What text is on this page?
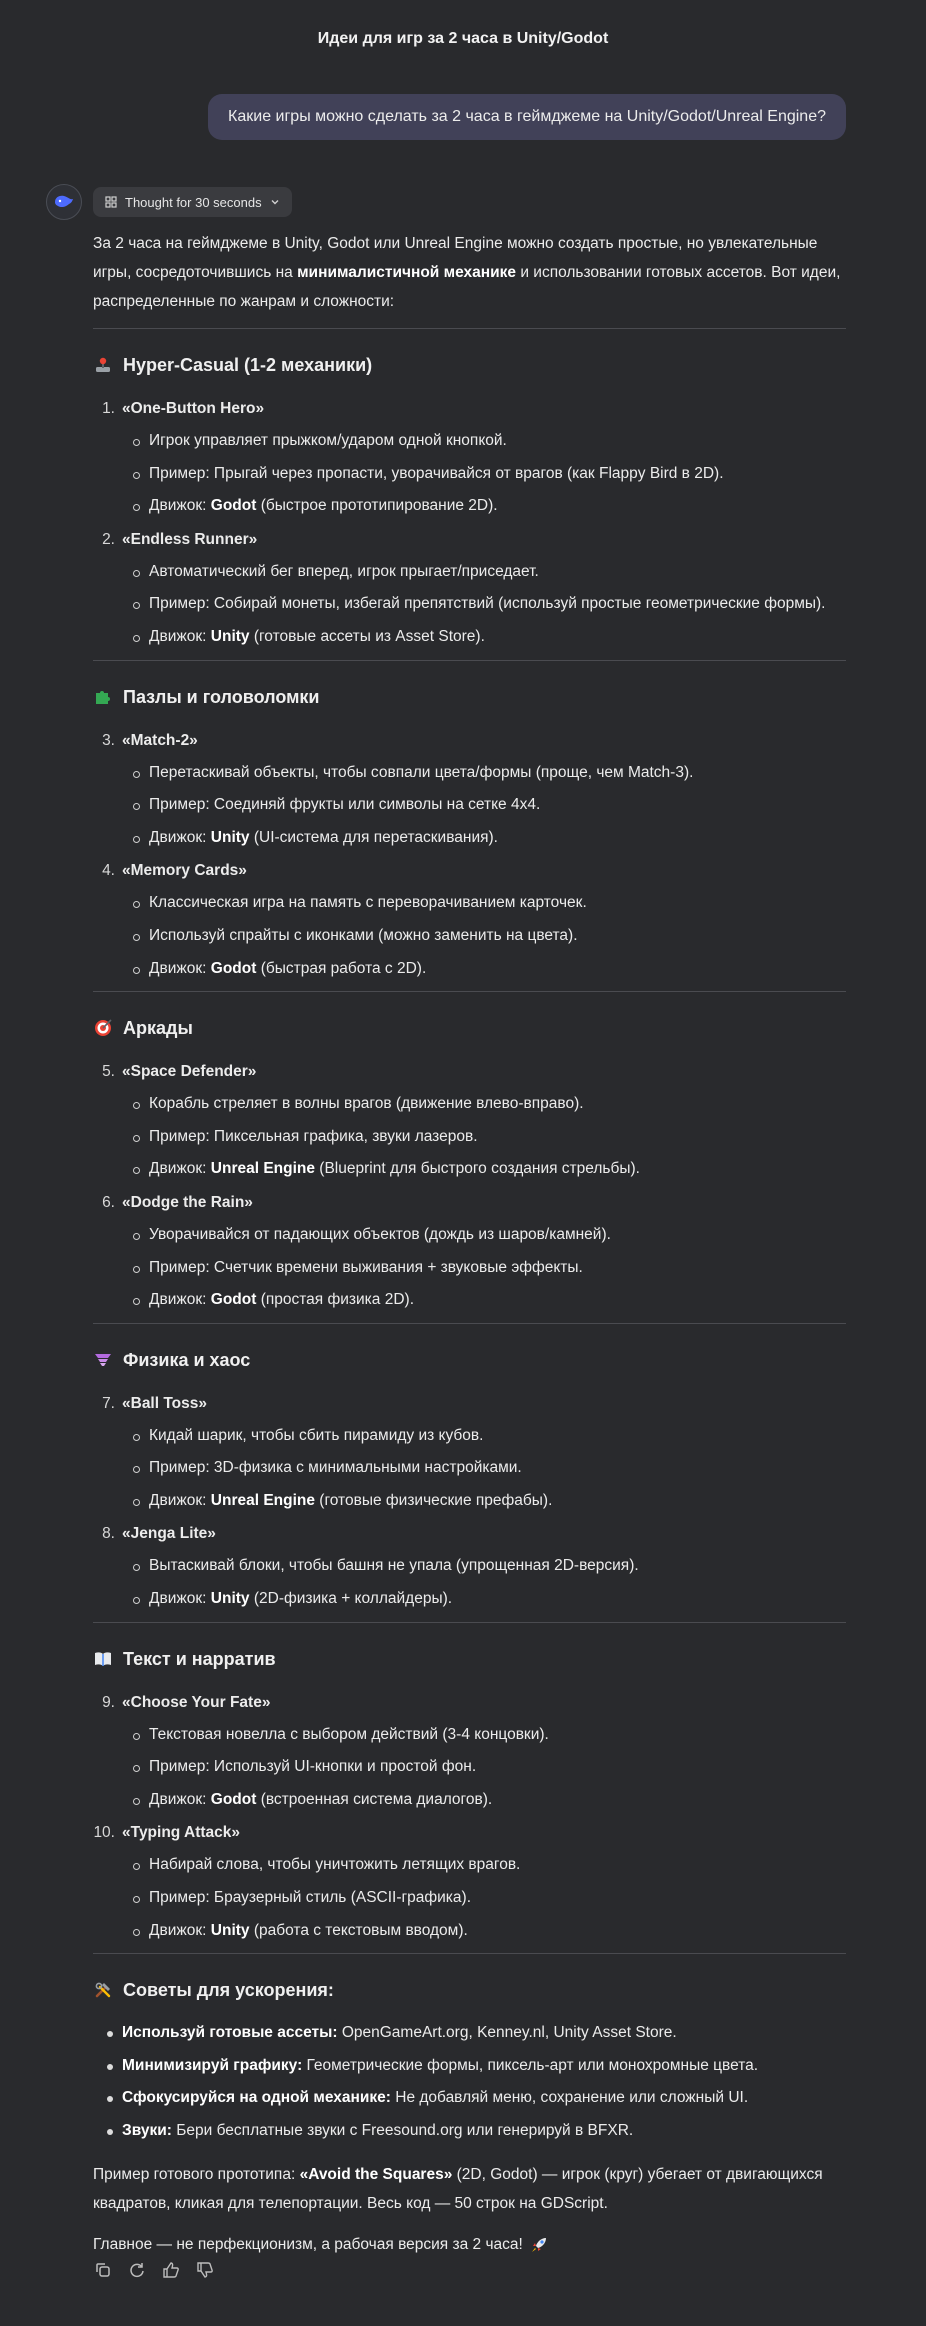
Идеи для игр за 2 часа в Unity/Godot
Какие игры можно сделать за 2 часа в геймджеме на Unity/Godot/Unreal Engine?
Thought for 30 seconds

За 2 часа на геймджеме в Unity, Godot или Unreal Engine можно создать простые, но увлекательные игры, сосредоточившись на минималистичной механике и использовании готовых ассетов. Вот идеи, распределенные по жанрам и сложности:

Hyper-Casual (1-2 механики)
1. «One-Button Hero»
Игрок управляет прыжком/ударом одной кнопкой.
Пример: Прыгай через пропасти, уворачивайся от врагов (как Flappy Bird в 2D).
Движок: Godot (быстрое прототипирование 2D).
2. «Endless Runner»
Автоматический бег вперед, игрок прыгает/приседает.
Пример: Собирай монеты, избегай препятствий (используй простые геометрические формы).
Движок: Unity (готовые ассеты из Asset Store).
Пазлы и головоломки
3. «Match-2»
Перетаскивай объекты, чтобы совпали цвета/формы (проще, чем Match-3).
Пример: Соединяй фрукты или символы на сетке 4x4.
Движок: Unity (UI-система для перетаскивания).
4. «Memory Cards»
Классическая игра на память с переворачиванием карточек.
Используй спрайты с иконками (можно заменить на цвета).
Движок: Godot (быстрая работа с 2D).
Аркады
5. «Space Defender»
Корабль стреляет в волны врагов (движение влево-вправо).
Пример: Пиксельная графика, звуки лазеров.
Движок: Unreal Engine (Blueprint для быстрого создания стрельбы).
6. «Dodge the Rain»
Уворачивайся от падающих объектов (дождь из шаров/камней).
Пример: Счетчик времени выживания + звуковые эффекты.
Движок: Godot (простая физика 2D).
Физика и хаос
7. «Ball Toss»
Кидай шарик, чтобы сбить пирамиду из кубов.
Пример: 3D-физика с минимальными настройками.
Движок: Unreal Engine (готовые физические префабы).
8. «Jenga Lite»
Вытаскивай блоки, чтобы башня не упала (упрощенная 2D-версия).
Движок: Unity (2D-физика + коллайдеры).
Текст и нарратив
9. «Choose Your Fate»
Текстовая новелла с выбором действий (3-4 концовки).
Пример: Используй UI-кнопки и простой фон.
Движок: Godot (встроенная система диалогов).
10. «Typing Attack»
Набирай слова, чтобы уничтожить летящих врагов.
Пример: Браузерный стиль (ASCII-графика).
Движок: Unity (работа с текстовым вводом).
Советы для ускорения:
Используй готовые ассеты: OpenGameArt.org, Kenney.nl, Unity Asset Store.
Минимизируй графику: Геометрические формы, пиксель-арт или монохромные цвета.
Сфокусируйся на одной механике: Не добавляй меню, сохранение или сложный UI.
Звуки: Бери бесплатные звуки с Freesound.org или генерируй в BFXR.

Пример готового прототипа: «Avoid the Squares» (2D, Godot) — игрок (круг) убегает от двигающихся квадратов, кликая для телепортации. Весь код — 50 строк на GDScript.

Главное — не перфекционизм, а рабочая версия за 2 часа!
